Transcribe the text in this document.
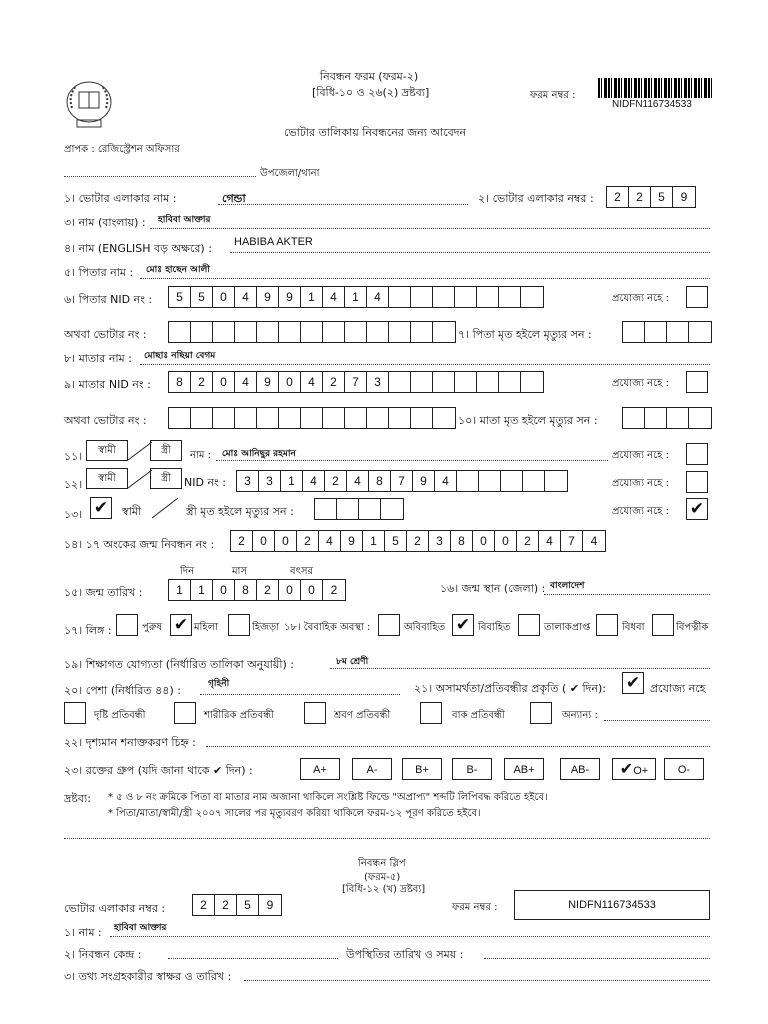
নিবন্ধন ফরম (ফরম-২)
[বিধি-১০ ও ২৬(২) দ্রষ্টব্য]	ফরম নম্বর :
NIDFN116734533
ভোটার তালিকায় নিবন্ধনের জন্য আবেদন
প্রাপক : রেজিস্ট্রেশন অফিসার
উপজেলা/থানা
১। ভোটার এলাকার নাম :	গেন্ডা	২। ভোটার এলাকার নম্বর :	2	2	5	9
৩। নাম (বাংলায়) : হাবিবা আক্তার
৪। নাম (ENGLISH বড় অক্ষরে) : HABIBA AKTER
৫। পিতার নাম : মোঃ হাছেন আলী
৬। পিতার NID নং :	5	5	0	4	9	9	1	4	1	4	প্রযোজ্য নহে :
অথবা ভোটার নং :	৭। পিতা মৃত হইলে মৃত্যুর সন :
৮। মাতার নাম : মোছাঃ নছিয়া বেগম
৯। মাতার NID নং :	8	2	0	4	9	0	4	2	7	3	প্রযোজ্য নহে :
অথবা ভোটার নং :	১০। মাতা মৃত হইলে মৃত্যুর সন :
১১।	স্বামী	স্ত্রী	নাম : মোঃ আনিছুর রহমান	প্রযোজ্য নহে :
১২।	স্বামী	স্ত্রী	NID নং :	3	3	1	4	2	4	8	7	9	4	প্রযোজ্য নহে :
১৩। ✔	স্বামী	স্ত্রী মৃত হইলে মৃত্যুর সন :	প্রযোজ্য নহে : ✔
১৪। ১৭ অংকের জন্ম নিবন্ধন নং :	2	0	0	2	4	9	1	5	2	3	8	0	0	2	4	7	4
দিন	মাস	বৎসর
১৫। জন্ম তারিখ :	1	1	0	8	2	0	0	2	১৬। জন্ম স্থান (জেলা) : বাংলাদেশ
১৭। লিঙ্গ :	পুরুষ ✔ মহিলা	হিজড়া ১৮। বৈবাহিক অবস্থা :	অবিবাহিত ✔ বিবাহিত	তালাকপ্রাপ্ত	বিধবা	বিপত্নীক
১৯। শিক্ষাগত যোগ্যতা (নির্ধারিত তালিকা অনুযায়ী) :	৮ম শ্রেণী
২০। পেশা (নির্ধারিত ৪৪) :	গৃহিনী	২১। অসামর্থতা/প্রতিবন্ধীর প্রকৃতি ( ✔ দিন): ✔ প্রযোজ্য নহে
দৃষ্টি প্রতিবন্ধী	শারীরিক প্রতিবন্ধী	শ্রবণ প্রতিবন্ধী	বাক প্রতিবন্ধী	অন্যান্য :
২২। দৃশ্যমান শনাক্তকরণ চিহ্ন :
২৩। রক্তের গ্রুপ (যদি জানা থাকে ✔ দিন) :	A+	A-	B+	B-	AB+	AB-	✔O+	O-
দ্রষ্টব্য: * ৫ ও ৮ নং ক্রমিকে পিতা বা মাতার নাম অজানা থাকিলে সংশ্লিষ্ট ফিল্ডে "অপ্রাপ্য" শব্দটি লিপিবদ্ধ করিতে হইবে।
* পিতা/মাতা/স্বামী/স্ত্রী ২০০৭ সালের পর মৃত্যুবরণ করিয়া থাকিলে ফরম-১২ পূরণ করিতে হইবে।
নিবন্ধন স্লিপ
(ফরম-৫)
[বিধি-১২ (খ) দ্রষ্টব্য]
ভোটার এলাকার নম্বর :	2	2	5	9	ফরম নম্বর :	NIDFN116734533
১। নাম : হাবিবা আক্তার
২। নিবন্ধন কেন্দ্র :	উপস্থিতির তারিখ ও সময় :
৩। তথ্য সংগ্রহকারীর স্বাক্ষর ও তারিখ :
